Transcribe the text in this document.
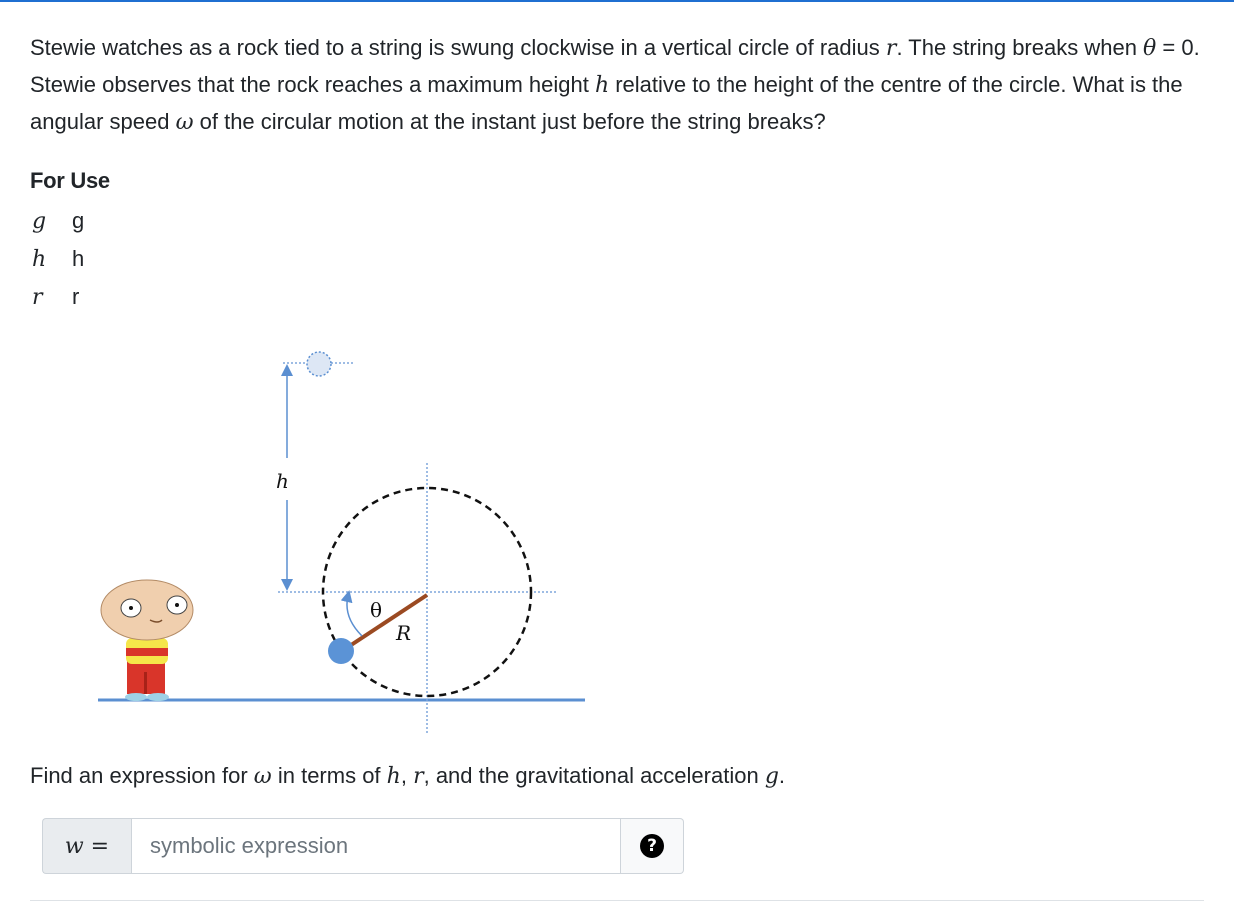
Stewie watches as a rock tied to a string is swung clockwise in a vertical circle of radius r. The string breaks when θ = 0. Stewie observes that the rock reaches a maximum height h relative to the height of the centre of the circle. What is the angular speed ω of the circular motion at the instant just before the string breaks?
For Use
g	g
h	h
r	r
h
θ
R
Find an expression for ω in terms of h, r, and the gravitational acceleration g.
w =
symbolic expression	?
